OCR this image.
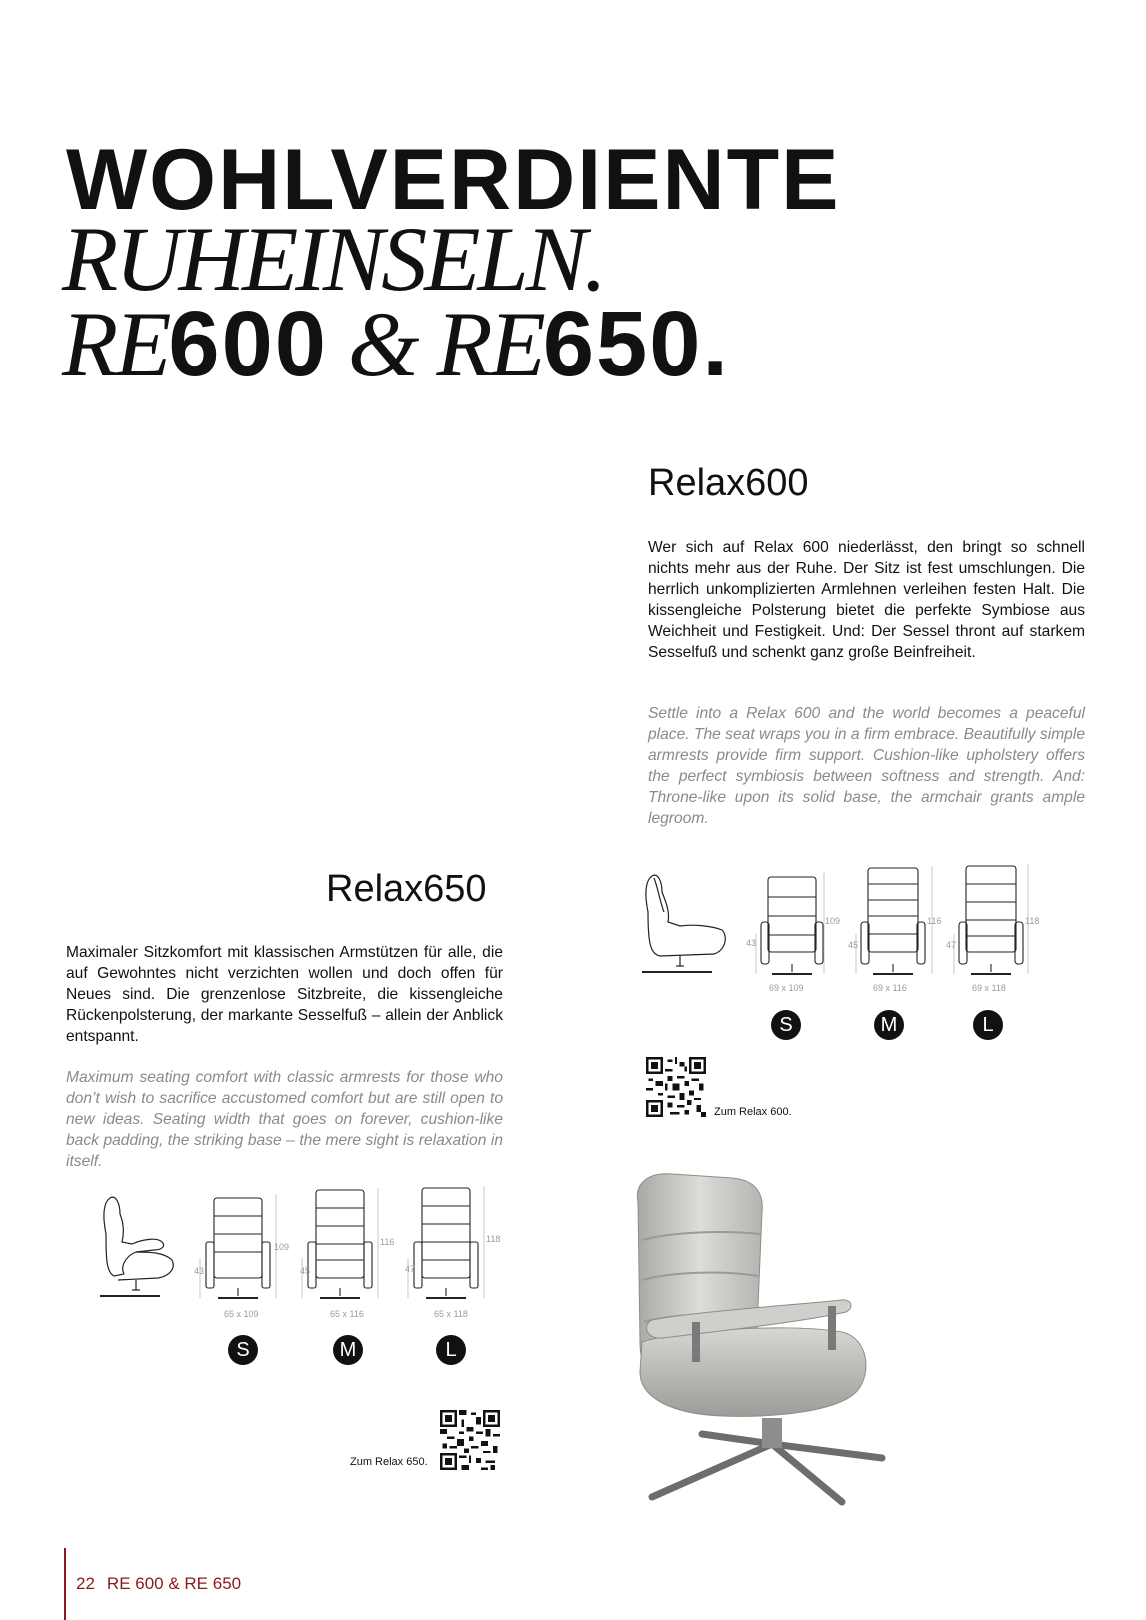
WOHLVERDIENTE
RUHEINSELN.
RE600 & RE650.
Relax600
Wer sich auf Relax 600 niederlässt, den bringt so schnell nichts mehr aus der Ruhe. Der Sitz ist fest umschlungen. Die herrlich unkomplizierten Armlehnen verleihen festen Halt. Die kissengleiche Polsterung bietet die perfekte Symbiose aus Weichheit und Festigkeit. Und: Der Sessel thront auf starkem Sesselfuß und schenkt ganz große Beinfreiheit.
Settle into a Relax 600 and the world becomes a peaceful place. The seat wraps you in a firm embrace. Beautifully simple armrests provide firm support. Cushion-like upholstery offers the perfect symbiosis between softness and strength. And: Throne-like upon its solid base, the armchair grants ample legroom.
109
43
116
45
118
47
69 x 109	69 x 116	69 x 118
S	M	L
Zum Relax 600.
Relax650
Maximaler Sitzkomfort mit klassischen Armstützen für alle, die auf Gewohntes nicht verzichten wollen und doch offen für Neues sind. Die grenzenlose Sitzbreite, die kissengleiche Rückenpolsterung, der markante Sesselfuß – allein der Anblick entspannt.
Maximum seating comfort with classic armrests for those who don’t wish to sacrifice accustomed comfort but are still open to new ideas. Seating width that goes on forever, cushion-like back padding, the striking base – the mere sight is relaxation in itself.
109
43
116
45
118
47
65 x 109	65 x 116	65 x 118
S	M	L
Zum Relax 650.
22 RE 600 & RE 650
